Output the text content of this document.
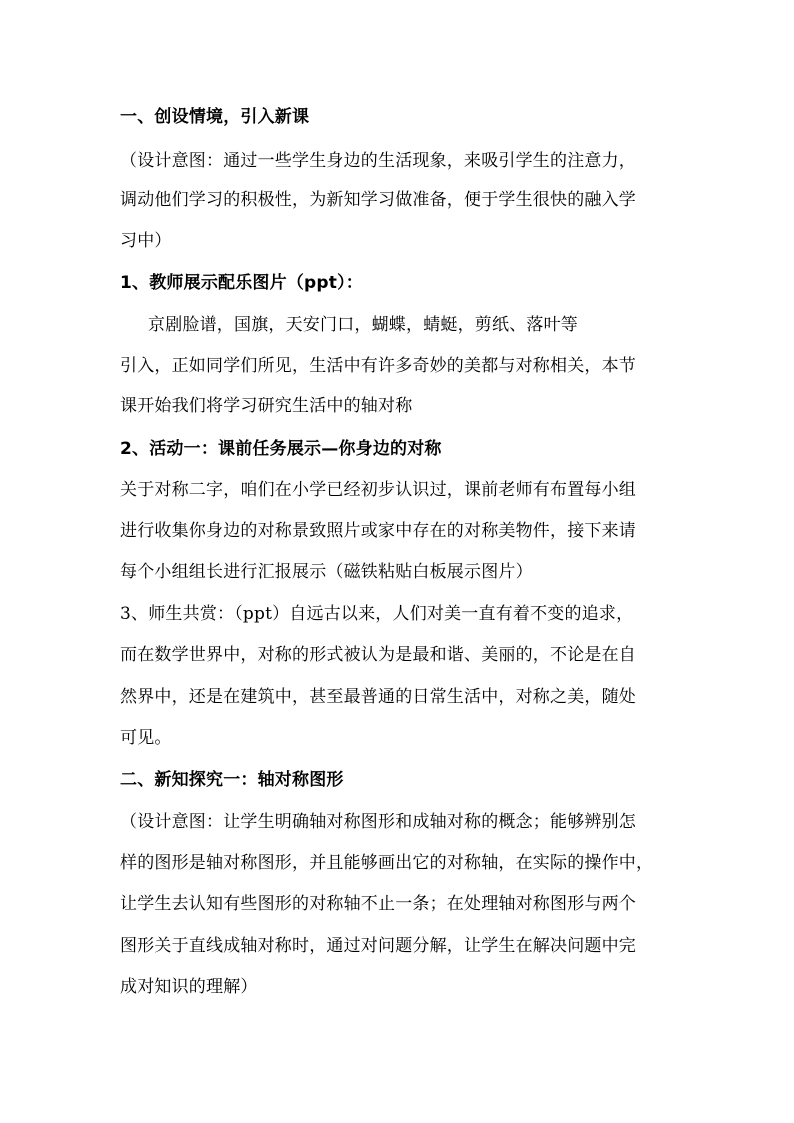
一、创设情境，引入新课
（设计意图：通过一些学生身边的生活现象，来吸引学生的注意力，
调动他们学习的积极性，为新知学习做准备，便于学生很快的融入学
习中）
1、教师展示配乐图片（ppt）：
京剧脸谱，国旗，天安门口，蝴蝶，蜻蜓，剪纸、落叶等
引入，正如同学们所见，生活中有许多奇妙的美都与对称相关，本节
课开始我们将学习研究生活中的轴对称
2、活动一：课前任务展示—你身边的对称
关于对称二字，咱们在小学已经初步认识过，课前老师有布置每小组
进行收集你身边的对称景致照片或家中存在的对称美物件，接下来请
每个小组组长进行汇报展示（磁铁粘贴白板展示图片）
3、师生共赏：（ppt）自远古以来，人们对美一直有着不变的追求，
而在数学世界中，对称的形式被认为是最和谐、美丽的，不论是在自
然界中，还是在建筑中，甚至最普通的日常生活中，对称之美，随处
可见。
二、新知探究一：轴对称图形
（设计意图：让学生明确轴对称图形和成轴对称的概念；能够辨别怎
样的图形是轴对称图形，并且能够画出它的对称轴，在实际的操作中，
让学生去认知有些图形的对称轴不止一条；在处理轴对称图形与两个
图形关于直线成轴对称时，通过对问题分解，让学生在解决问题中完
成对知识的理解）
